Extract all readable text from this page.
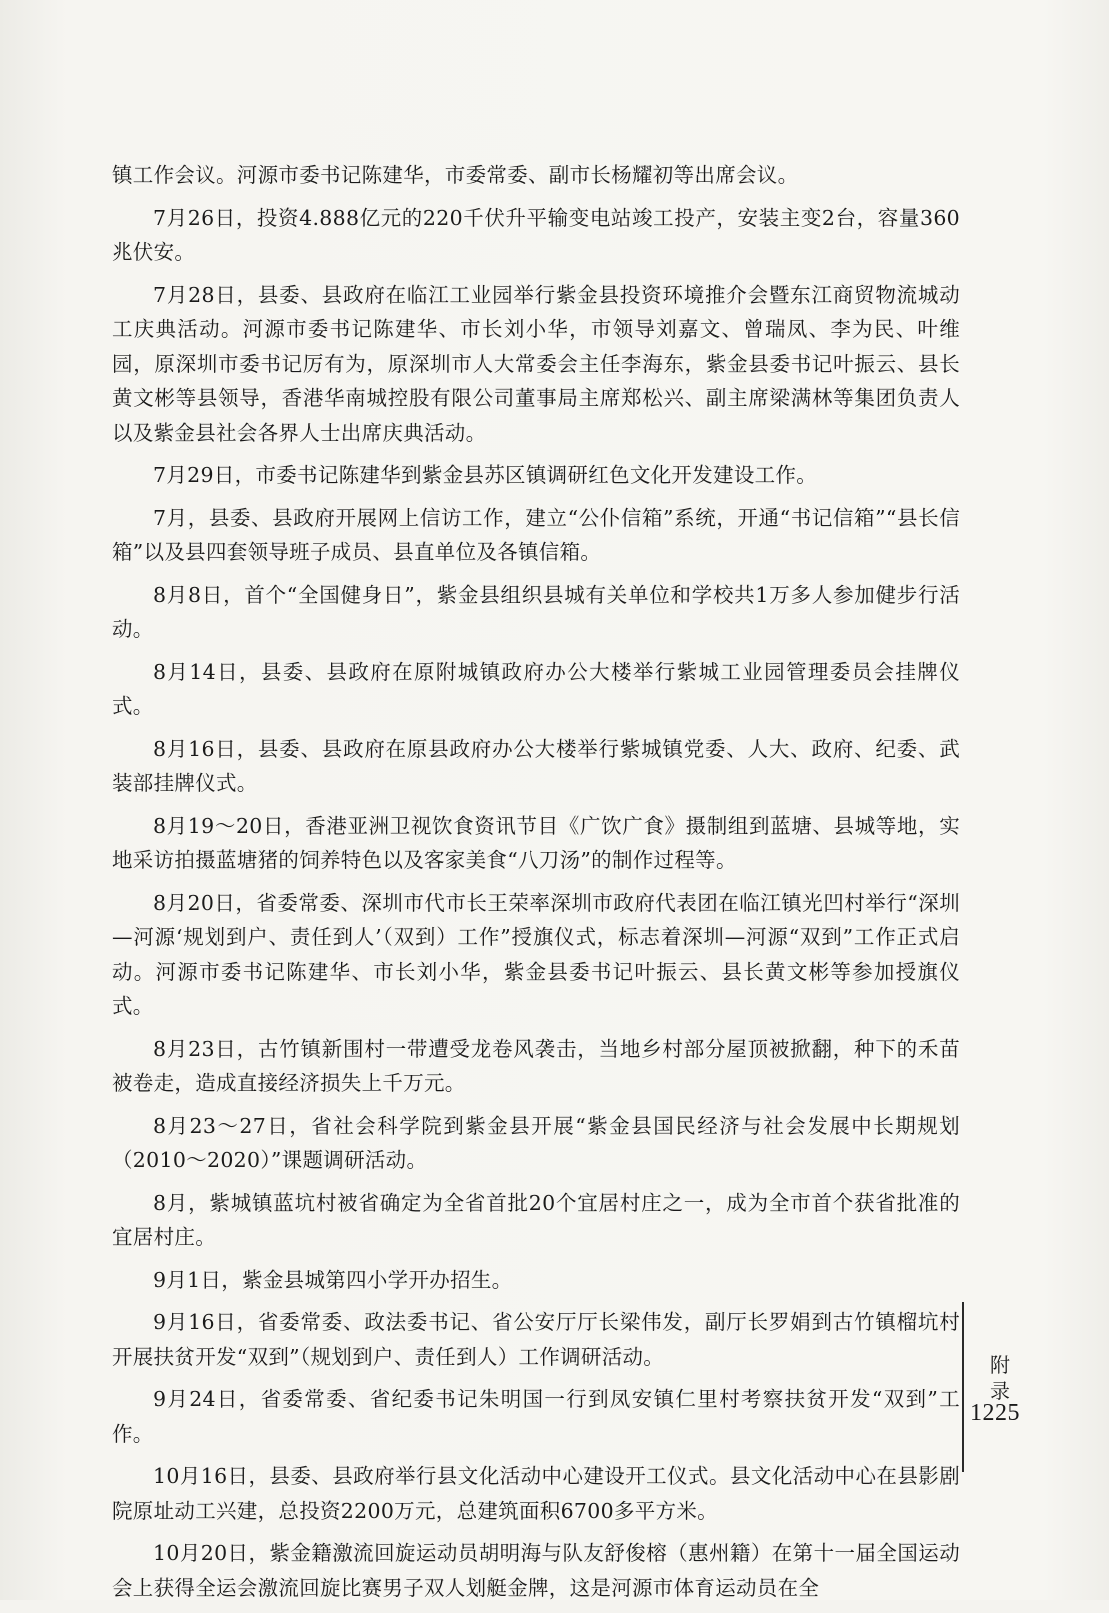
镇工作会议。河源市委书记陈建华，市委常委、副市长杨耀初等出席会议。

7月26日，投资4.888亿元的220千伏升平输变电站竣工投产，安装主变2台，容量360兆伏安。

7月28日，县委、县政府在临江工业园举行紫金县投资环境推介会暨东江商贸物流城动工庆典活动。河源市委书记陈建华、市长刘小华，市领导刘嘉文、曾瑞凤、李为民、叶维园，原深圳市委书记厉有为，原深圳市人大常委会主任李海东，紫金县委书记叶振云、县长黄文彬等县领导，香港华南城控股有限公司董事局主席郑松兴、副主席梁满林等集团负责人以及紫金县社会各界人士出席庆典活动。

7月29日，市委书记陈建华到紫金县苏区镇调研红色文化开发建设工作。

7月，县委、县政府开展网上信访工作，建立“公仆信箱”系统，开通“书记信箱”“县长信箱”以及县四套领导班子成员、县直单位及各镇信箱。

8月8日，首个“全国健身日”，紫金县组织县城有关单位和学校共1万多人参加健步行活动。

8月14日，县委、县政府在原附城镇政府办公大楼举行紫城工业园管理委员会挂牌仪式。

8月16日，县委、县政府在原县政府办公大楼举行紫城镇党委、人大、政府、纪委、武装部挂牌仪式。

8月19～20日，香港亚洲卫视饮食资讯节目《广饮广食》摄制组到蓝塘、县城等地，实地采访拍摄蓝塘猪的饲养特色以及客家美食“八刀汤”的制作过程等。

8月20日，省委常委、深圳市代市长王荣率深圳市政府代表团在临江镇光凹村举行“深圳—河源‘规划到户、责任到人’（双到）工作”授旗仪式，标志着深圳—河源“双到”工作正式启动。河源市委书记陈建华、市长刘小华，紫金县委书记叶振云、县长黄文彬等参加授旗仪式。

8月23日，古竹镇新围村一带遭受龙卷风袭击，当地乡村部分屋顶被掀翻，种下的禾苗被卷走，造成直接经济损失上千万元。

8月23～27日，省社会科学院到紫金县开展“紫金县国民经济与社会发展中长期规划（2010～2020）”课题调研活动。

8月，紫城镇蓝坑村被省确定为全省首批20个宜居村庄之一，成为全市首个获省批准的宜居村庄。

9月1日，紫金县城第四小学开办招生。

9月16日，省委常委、政法委书记、省公安厅厅长梁伟发，副厅长罗娟到古竹镇榴坑村开展扶贫开发“双到”（规划到户、责任到人）工作调研活动。

9月24日，省委常委、省纪委书记朱明国一行到凤安镇仁里村考察扶贫开发“双到”工作。

10月16日，县委、县政府举行县文化活动中心建设开工仪式。县文化活动中心在县影剧院原址动工兴建，总投资2200万元，总建筑面积6700多平方米。

10月20日，紫金籍激流回旋运动员胡明海与队友舒俊榕（惠州籍）在第十一届全国运动会上获得全运会激流回旋比赛男子双人划艇金牌，这是河源市体育运动员在全

附录
1225
